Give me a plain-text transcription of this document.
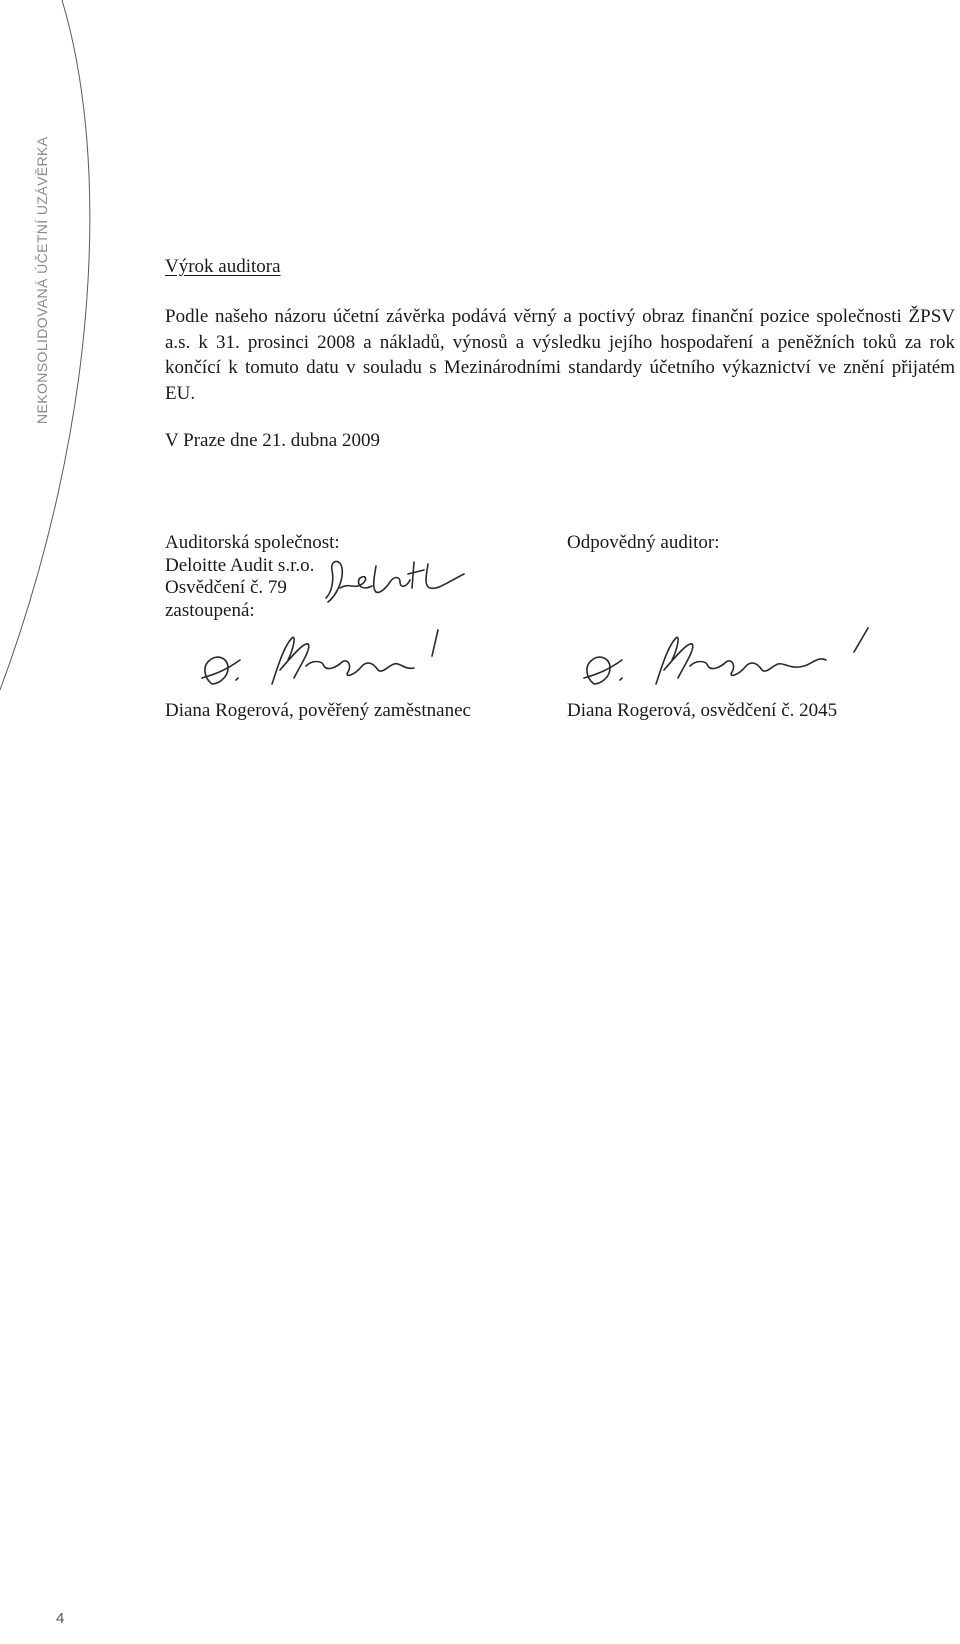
NEKONSOLIDOVANÁ ÚČETNÍ UZÁVĚRKA	Výrok auditora

Podle našeho názoru účetní závěrka podává věrný a poctivý obraz finanční pozice společnosti ŽPSV a.s. k 31. prosinci 2008 a nákladů, výnosů a výsledku jejího hospodaření a peněžních toků za rok končící k tomuto datu v souladu s Mezinárodními standardy účetního výkaznictví ve znění přijatém EU.

V Praze dne 21. dubna 2009
Auditorská společnost:
Deloitte Audit s.r.o.
Osvědčení č. 79
zastoupená:
Odpovědný auditor:
Diana Rogerová, pověřený zaměstnanec	Diana Rogerová, osvědčení č. 2045
4
